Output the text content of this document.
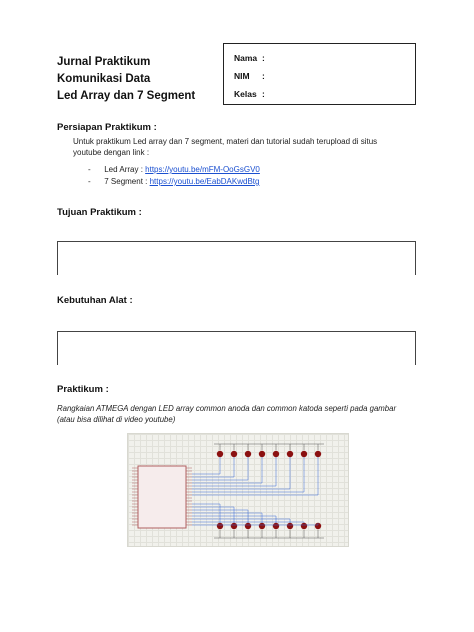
Jurnal Praktikum
Komunikasi Data
Led Array dan 7 Segment
Nama :
NIM :
Kelas :
Persiapan Praktikum :
Untuk praktikum Led array dan 7 segment, materi dan tutorial sudah terupload di situs
youtube dengan link :
- Led Array : https://youtu.be/mFM-OoGsGV0
- 7 Segment : https://youtu.be/EabDAKwdBtg
Tujuan Praktikum :
Kebutuhan Alat :
Praktikum :
Rangkaian ATMEGA dengan LED array common anoda dan common katoda seperti pada gambar
(atau bisa dilihat di video youtube)
